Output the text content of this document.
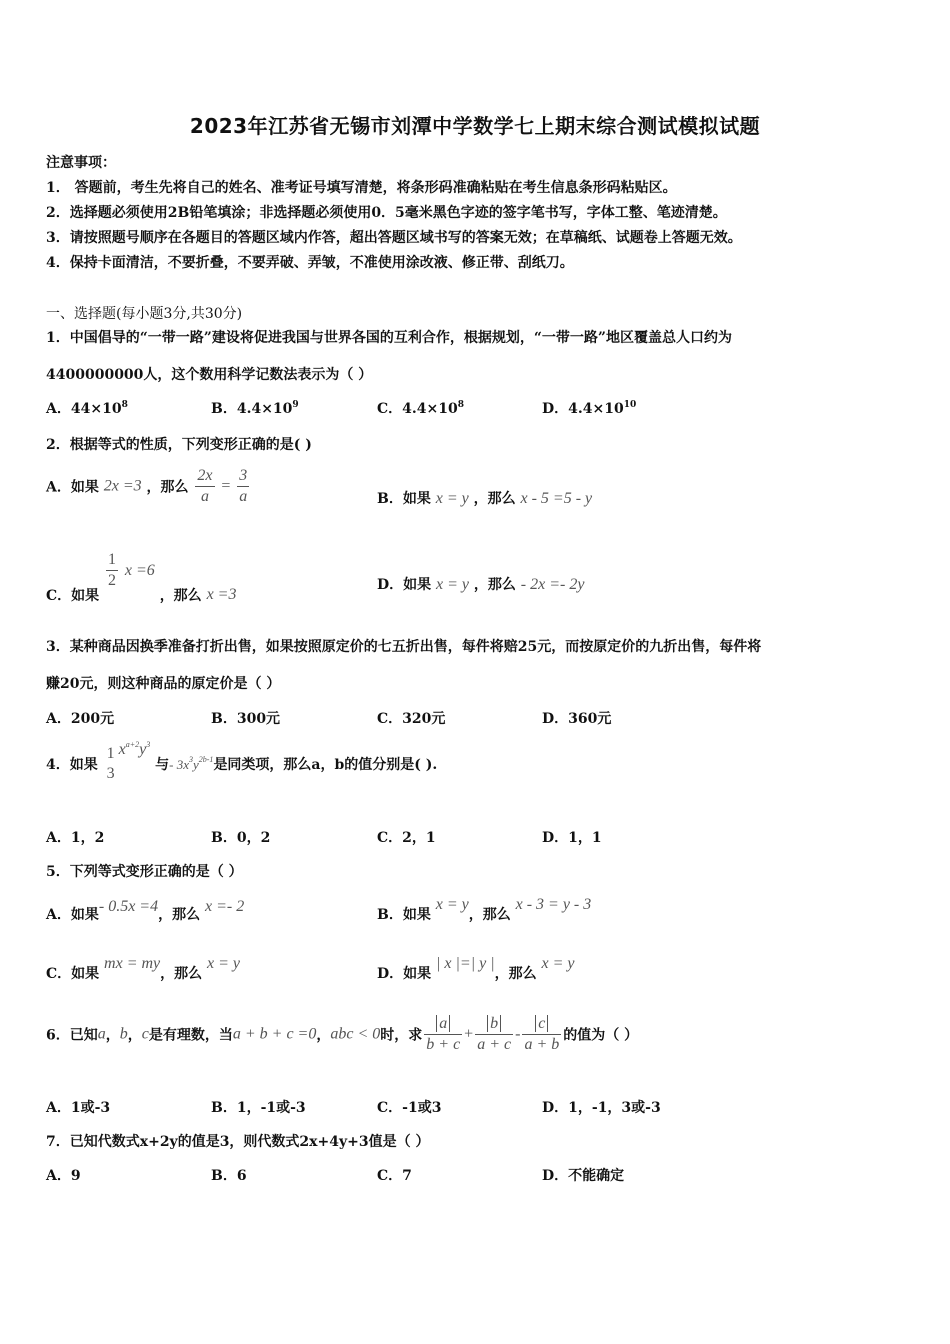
2023年江苏省无锡市刘潭中学数学七上期末综合测试模拟试题
注意事项：
1． 答题前，考生先将自己的姓名、准考证号填写清楚，将条形码准确粘贴在考生信息条形码粘贴区。
2．选择题必须使用2B铅笔填涂；非选择题必须使用0．5毫米黑色字迹的签字笔书写，字体工整、笔迹清楚。
3．请按照题号顺序在各题目的答题区域内作答，超出答题区域书写的答案无效；在草稿纸、试题卷上答题无效。
4．保持卡面清洁，不要折叠，不要弄破、弄皱，不准使用涂改液、修正带、刮纸刀。
一、选择题(每小题3分,共30分)
1．中国倡导的“一带一路”建设将促进我国与世界各国的互利合作，根据规划，“一带一路”地区覆盖总人口约为
4400000000人，这个数用科学记数法表示为（ ）
A．$44\times 10^8$	B．$4.4\times 10^9$	C．$4.4\times 10^8$	D．$4.4\times 10^{10}$
2．根据等式的性质，下列变形正确的是( )
A．如果 2x =3 ，那么 $\frac{2x}{a} = \frac{3}{a}$	B．如果 x = y ，那么 x - 5 =5 - y
C．如果
$\frac{1}{2}$ x =6 ，那么 x =3
D．如果 x = y ，那么 - 2x =- 2y
3．某种商品因换季准备打折出售，如果按照原定价的七五折出售，每件将赔25元，而按原定价的九折出售，每件将
赚20元，则这种商品的原定价是（ ）
A．200元	B．300元	C．320元	D．360元
4．如果
1
3
$x^{a+2}y^3$ 与- $3x^3y^{2b-1}$是同类项，那么a，b的值分别是( ).
A．1，2	B．0，2	C．2，1	D．1，1
5．下列等式变形正确的是（ ）
A．如果- 0.5x =4，那么 x =- 2	B．如果 x = y，那么 x - 3 = y - 3
C．如果 mx = my，那么 x = y
D．如果 | x |=| y |，那么 x = y
6．已知a，b，c是有理数，当a + b + c =0，abc < 0时，求 $\frac{a}{b + c} + \frac{b}{a + c} - \frac{c}{a + b}$ 的值为（ ）
A．1或-3	B．1，-1或-3	C．-1或3	D．1，-1，3或-3
7．已知代数式x+2y的值是3，则代数式2x+4y+3值是（ ）
A．9	B．6	C．7	D．不能确定
